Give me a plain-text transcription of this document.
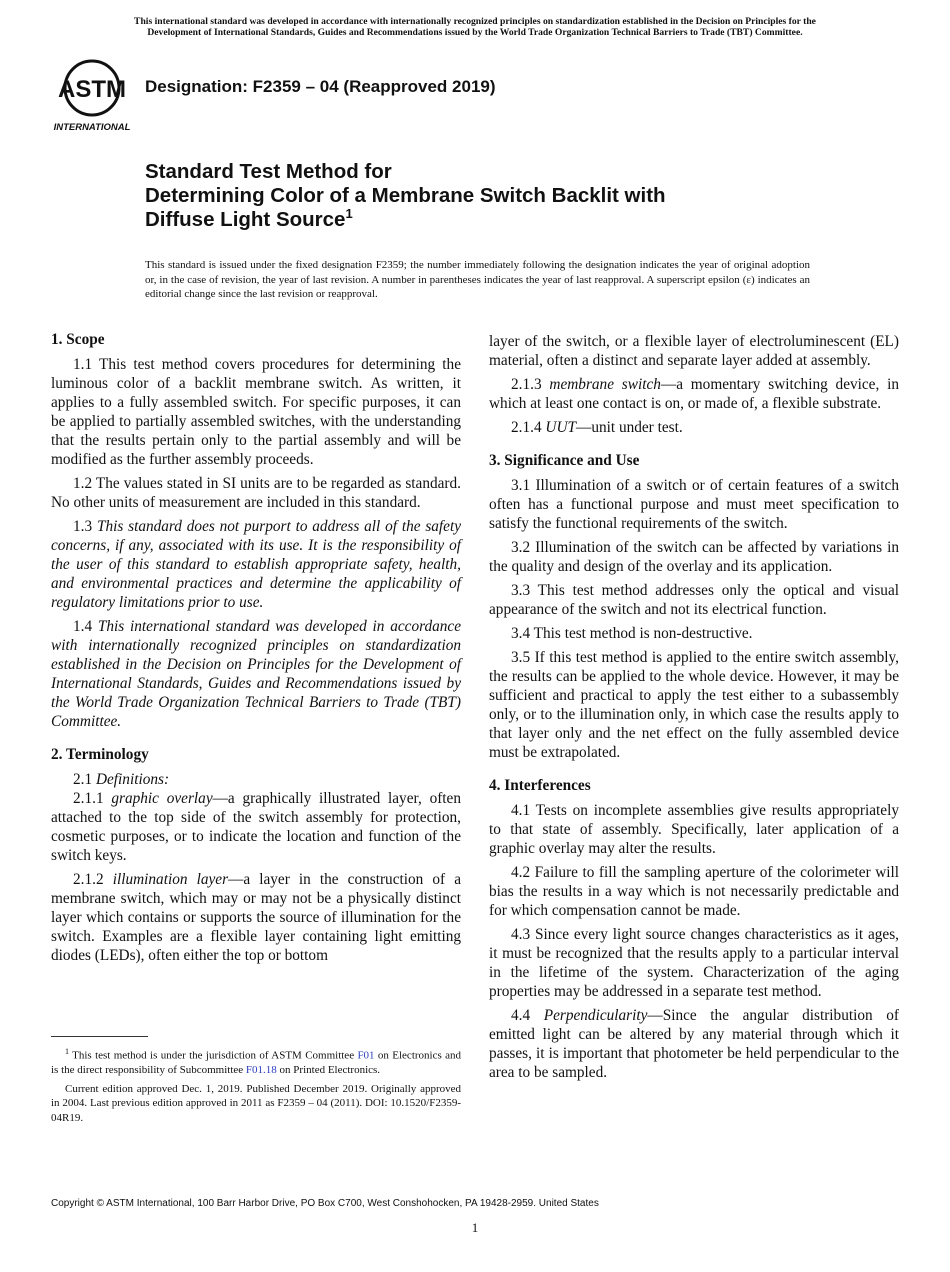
This international standard was developed in accordance with internationally recognized principles on standardization established in the Decision on Principles for the
Development of International Standards, Guides and Recommendations issued by the World Trade Organization Technical Barriers to Trade (TBT) Committee.
ASTM
INTERNATIONAL
Designation: F2359 – 04 (Reapproved 2019)
Standard Test Method for
Determining Color of a Membrane Switch Backlit with
Diffuse Light Source$^1$
This standard is issued under the fixed designation F2359; the number immediately following the designation indicates the year of original adoption or, in the case of revision, the year of last revision. A number in parentheses indicates the year of last reapproval. A superscript epsilon (ε) indicates an editorial change since the last revision or reapproval.
1. Scope

1.1 This test method covers procedures for determining the luminous color of a backlit membrane switch. As written, it applies to a fully assembled switch. For specific purposes, it can be applied to partially assembled switches, with the understanding that the results pertain only to the partial assembly and will be modified as the further assembly proceeds.

1.2 The values stated in SI units are to be regarded as standard. No other units of measurement are included in this standard.

1.3 This standard does not purport to address all of the safety concerns, if any, associated with its use. It is the responsibility of the user of this standard to establish appropriate safety, health, and environmental practices and determine the applicability of regulatory limitations prior to use.

1.4 This international standard was developed in accordance with internationally recognized principles on standardization established in the Decision on Principles for the Development of International Standards, Guides and Recommendations issued by the World Trade Organization Technical Barriers to Trade (TBT) Committee.

2. Terminology

2.1 Definitions:

2.1.1 graphic overlay—a graphically illustrated layer, often attached to the top side of the switch assembly for protection, cosmetic purposes, or to indicate the location and function of the switch keys.

2.1.2 illumination layer—a layer in the construction of a membrane switch, which may or may not be a physically distinct layer which contains or supports the source of illumination for the switch. Examples are a flexible layer containing light emitting diodes (LEDs), often either the top or bottom

layer of the switch, or a flexible layer of electroluminescent (EL) material, often a distinct and separate layer added at assembly.

2.1.3 membrane switch—a momentary switching device, in which at least one contact is on, or made of, a flexible substrate.

2.1.4 UUT—unit under test.

3. Significance and Use

3.1 Illumination of a switch or of certain features of a switch often has a functional purpose and must meet specification to satisfy the functional requirements of the switch.

3.2 Illumination of the switch can be affected by variations in the quality and design of the overlay and its application.

3.3 This test method addresses only the optical and visual appearance of the switch and not its electrical function.

3.4 This test method is non-destructive.

3.5 If this test method is applied to the entire switch assembly, the results can be applied to the whole device. However, it may be sufficient and practical to apply the test either to a subassembly only, or to the illumination only, in which case the results apply to that layer only and the net effect on the fully assembled device must be extrapolated.

4. Interferences

4.1 Tests on incomplete assemblies give results appropriately to that state of assembly. Specifically, later application of a graphic overlay may alter the results.

4.2 Failure to fill the sampling aperture of the colorimeter will bias the results in a way which is not necessarily predictable and for which compensation cannot be made.

4.3 Since every light source changes characteristics as it ages, it must be recognized that the results apply to a particular interval in the lifetime of the system. Characterization of the aging properties may be addressed in a separate test method.

4.4 Perpendicularity—Since the angular distribution of emitted light can be altered by any material through which it passes, it is important that photometer be held perpendicular to the area to be sampled.

$^1$ This test method is under the jurisdiction of ASTM Committee F01 on Electronics and is the direct responsibility of Subcommittee F01.18 on Printed Electronics.

Current edition approved Dec. 1, 2019. Published December 2019. Originally approved in 2004. Last previous edition approved in 2011 as F2359 – 04 (2011). DOI: 10.1520/F2359-04R19.

Copyright © ASTM International, 100 Barr Harbor Drive, PO Box C700, West Conshohocken, PA 19428-2959. United States
1
